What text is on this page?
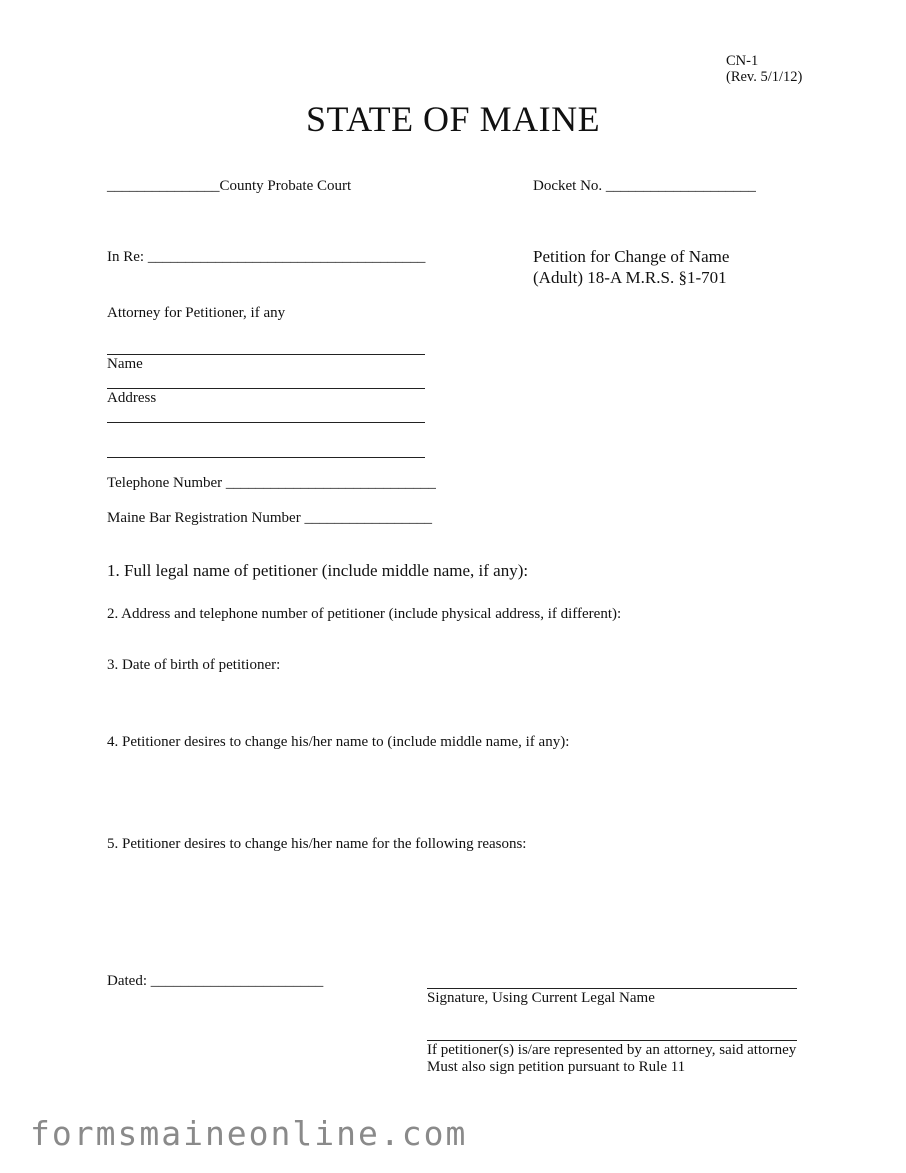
CN-1
(Rev. 5/1/12)
STATE OF MAINE
_______________County Probate Court	Docket No. ____________________
In Re: _____________________________________	Petition for Change of Name
(Adult) 18-A M.R.S. §1-701
Attorney for Petitioner, if any
Name
Address
Telephone Number ____________________________
Maine Bar Registration Number _________________
1. Full legal name of petitioner (include middle name, if any):
2. Address and telephone number of petitioner (include physical address, if different):
3. Date of birth of petitioner:
4. Petitioner desires to change his/her name to (include middle name, if any):
5. Petitioner desires to change his/her name for the following reasons:
Dated: _______________________
Signature, Using Current Legal Name
If petitioner(s) is/are represented by an attorney, said attorney
Must also sign petition pursuant to Rule 11
formsmaineonline.com
